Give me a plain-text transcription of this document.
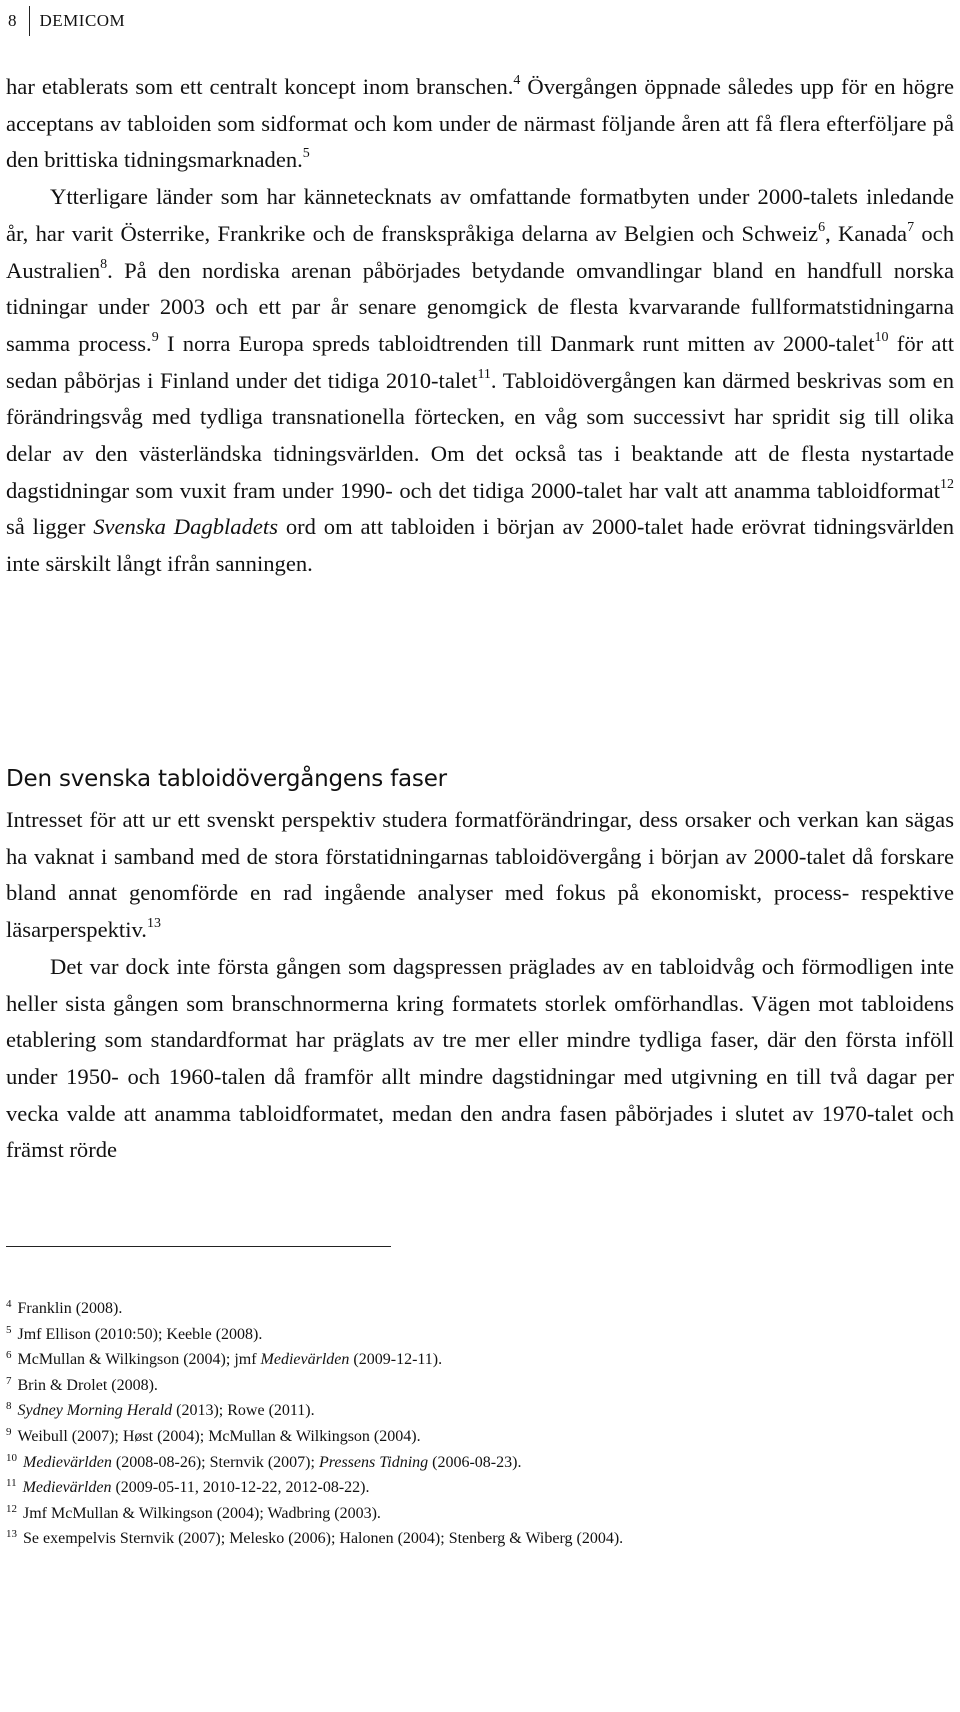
8	DEMICOM

har etablerats som ett centralt koncept inom branschen.$^4$ Övergången öppnade således upp för en högre acceptans av tabloiden som sidformat och kom under de närmast följande åren att få flera efterföljare på den brittiska tidningsmarknaden.$^5$

Ytterligare länder som har kännetecknats av omfattande formatbyten under 2000-talets inledande år, har varit Österrike, Frankrike och de franskspråkiga delarna av Belgien och Schweiz$^6$, Kanada$^7$ och Australien$^8$. På den nordiska arenan påbörjades betydande omvandlingar bland en handfull norska tidningar under 2003 och ett par år senare genomgick de flesta kvarvarande fullformatstidningarna samma process.$^9$ I norra Europa spreds tabloidtrenden till Danmark runt mitten av 2000-talet$^{10}$ för att sedan påbörjas i Finland under det tidiga 2010-talet$^{11}$. Tabloidövergången kan därmed beskrivas som en förändringsvåg med tydliga transnationella förtecken, en våg som successivt har spridit sig till olika delar av den västerländska tidningsvärlden. Om det också tas i beaktande att de flesta nystartade dagstidningar som vuxit fram under 1990- och det tidiga 2000-talet har valt att anamma tabloidformat$^{12}$ så ligger Svenska Dagbladets ord om att tabloiden i början av 2000-talet hade erövrat tidningsvärlden inte särskilt långt ifrån sanningen.

Den svenska tabloidövergångens faser

Intresset för att ur ett svenskt perspektiv studera formatförändringar, dess orsaker och verkan kan sägas ha vaknat i samband med de stora förstatidningarnas tabloidövergång i början av 2000-talet då forskare bland annat genomförde en rad ingående analyser med fokus på ekonomiskt, process- respektive läsarperspektiv.$^{13}$

Det var dock inte första gången som dagspressen präglades av en tabloidvåg och förmodligen inte heller sista gången som branschnormerna kring formatets storlek omförhandlas. Vägen mot tabloidens etablering som standardformat har präglats av tre mer eller mindre tydliga faser, där den första inföll under 1950- och 1960-talen då framför allt mindre dagstidningar med utgivning en till två dagar per vecka valde att anamma tabloidformatet, medan den andra fasen påbörjades i slutet av 1970-talet och främst rörde

$^4$ Franklin (2008).

$^5$ Jmf Ellison (2010:50); Keeble (2008).

$^6$ McMullan & Wilkingson (2004); jmf Medievärlden (2009-12-11).

$^7$ Brin & Drolet (2008).

$^8$ Sydney Morning Herald (2013); Rowe (2011).

$^9$ Weibull (2007); Høst (2004); McMullan & Wilkingson (2004).

$^{10}$ Medievärlden (2008-08-26); Sternvik (2007); Pressens Tidning (2006-08-23).

$^{11}$ Medievärlden (2009-05-11, 2010-12-22, 2012-08-22).

$^{12}$ Jmf McMullan & Wilkingson (2004); Wadbring (2003).

$^{13}$ Se exempelvis Sternvik (2007); Melesko (2006); Halonen (2004); Stenberg & Wiberg (2004).
